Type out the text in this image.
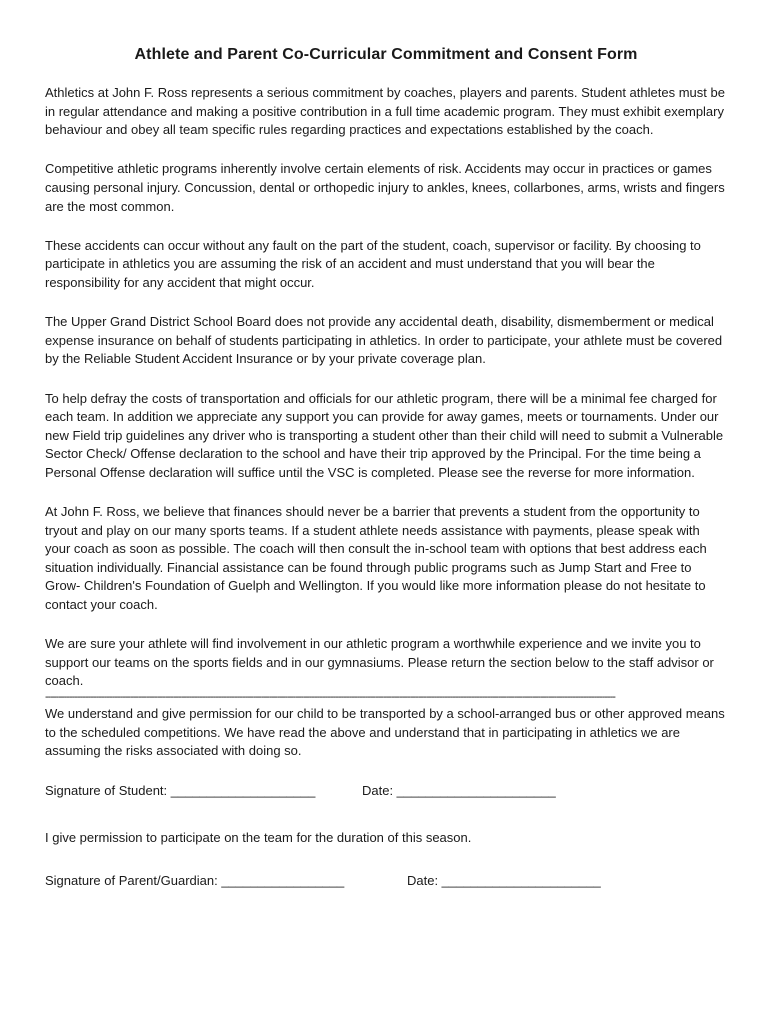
Athlete and Parent Co-Curricular Commitment and Consent Form

Athletics at John F. Ross represents a serious commitment by coaches, players and parents. Student athletes must be in regular attendance and making a positive contribution in a full time academic program. They must exhibit exemplary behaviour and obey all team specific rules regarding practices and expectations established by the coach.

Competitive athletic programs inherently involve certain elements of risk. Accidents may occur in practices or games causing personal injury. Concussion, dental or orthopedic injury to ankles, knees, collarbones, arms, wrists and fingers are the most common.

These accidents can occur without any fault on the part of the student, coach, supervisor or facility. By choosing to participate in athletics you are assuming the risk of an accident and must understand that you will bear the responsibility for any accident that might occur.

The Upper Grand District School Board does not provide any accidental death, disability, dismemberment or medical expense insurance on behalf of students participating in athletics. In order to participate, your athlete must be covered by the Reliable Student Accident Insurance or by your private coverage plan.

To help defray the costs of transportation and officials for our athletic program, there will be a minimal fee charged for each team. In addition we appreciate any support you can provide for away games, meets or tournaments. Under our new Field trip guidelines any driver who is transporting a student other than their child will need to submit a Vulnerable Sector Check/ Offense declaration to the school and have their trip approved by the Principal. For the time being a Personal Offense declaration will suffice until the VSC is completed. Please see the reverse for more information.

At John F. Ross, we believe that finances should never be a barrier that prevents a student from the opportunity to tryout and play on our many sports teams. If a student athlete needs assistance with payments, please speak with your coach as soon as possible. The coach will then consult the in-school team with options that best address each situation individually. Financial assistance can be found through public programs such as Jump Start and Free to Grow- Children's Foundation of Guelph and Wellington. If you would like more information please do not hesitate to contact your coach.

We are sure your athlete will find involvement in our athletic program a worthwhile experience and we invite you to support our teams on the sports fields and in our gymnasiums. Please return the section below to the staff advisor or coach.

----------------------------------------------------------------------------------------------------------------------------------------------------------------------------------------------------------------------

We understand and give permission for our child to be transported by a school-arranged bus or other approved means to the scheduled competitions. We have read the above and understand that in participating in athletics we are assuming the risks associated with doing so.

Signature of Student: ____________________	Date: ______________________

I give permission to participate on the team for the duration of this season.

Signature of Parent/Guardian: _________________	Date: ______________________
